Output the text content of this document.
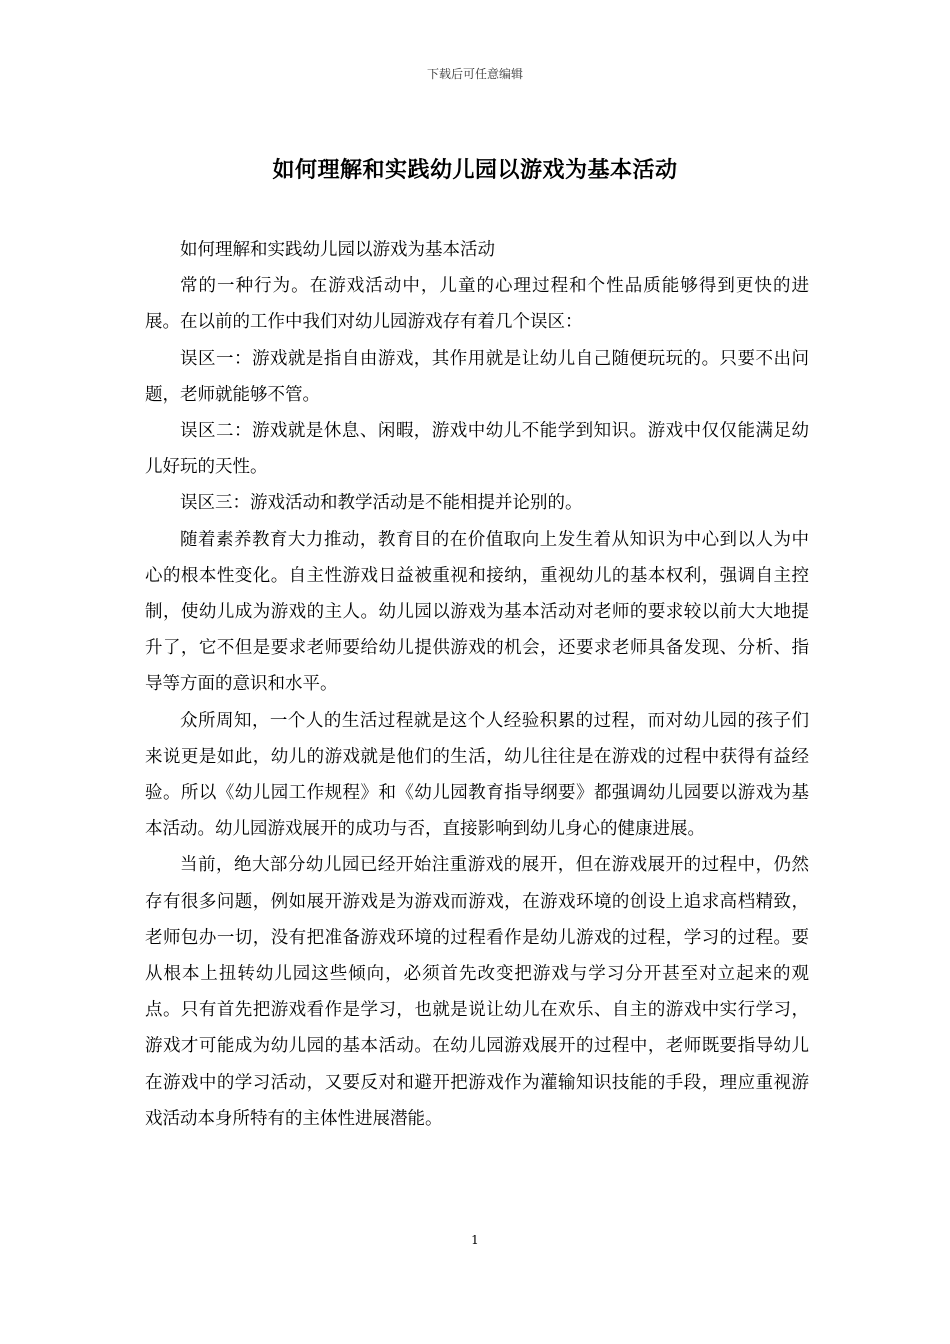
下载后可任意编辑
如何理解和实践幼儿园以游戏为基本活动

如何理解和实践幼儿园以游戏为基本活动

常的一种行为。在游戏活动中，儿童的心理过程和个性品质能够得到更快的进展。在以前的工作中我们对幼儿园游戏存有着几个误区：

误区一：游戏就是指自由游戏，其作用就是让幼儿自己随便玩玩的。只要不出问题，老师就能够不管。

误区二：游戏就是休息、闲暇，游戏中幼儿不能学到知识。游戏中仅仅能满足幼儿好玩的天性。

误区三：游戏活动和教学活动是不能相提并论别的。

随着素养教育大力推动，教育目的在价值取向上发生着从知识为中心到以人为中心的根本性变化。自主性游戏日益被重视和接纳，重视幼儿的基本权利，强调自主控制，使幼儿成为游戏的主人。幼儿园以游戏为基本活动对老师的要求较以前大大地提升了，它不但是要求老师要给幼儿提供游戏的机会，还要求老师具备发现、分析、指导等方面的意识和水平。

众所周知，一个人的生活过程就是这个人经验积累的过程，而对幼儿园的孩子们来说更是如此，幼儿的游戏就是他们的生活，幼儿往往是在游戏的过程中获得有益经验。所以《幼儿园工作规程》和《幼儿园教育指导纲要》都强调幼儿园要以游戏为基本活动。幼儿园游戏展开的成功与否，直接影响到幼儿身心的健康进展。

当前，绝大部分幼儿园已经开始注重游戏的展开，但在游戏展开的过程中，仍然存有很多问题，例如展开游戏是为游戏而游戏，在游戏环境的创设上追求高档精致，老师包办一切，没有把准备游戏环境的过程看作是幼儿游戏的过程，学习的过程。要从根本上扭转幼儿园这些倾向，必须首先改变把游戏与学习分开甚至对立起来的观点。只有首先把游戏看作是学习，也就是说让幼儿在欢乐、自主的游戏中实行学习，游戏才可能成为幼儿园的基本活动。在幼儿园游戏展开的过程中，老师既要指导幼儿在游戏中的学习活动，又要反对和避开把游戏作为灌输知识技能的手段，理应重视游戏活动本身所特有的主体性进展潜能。

1
